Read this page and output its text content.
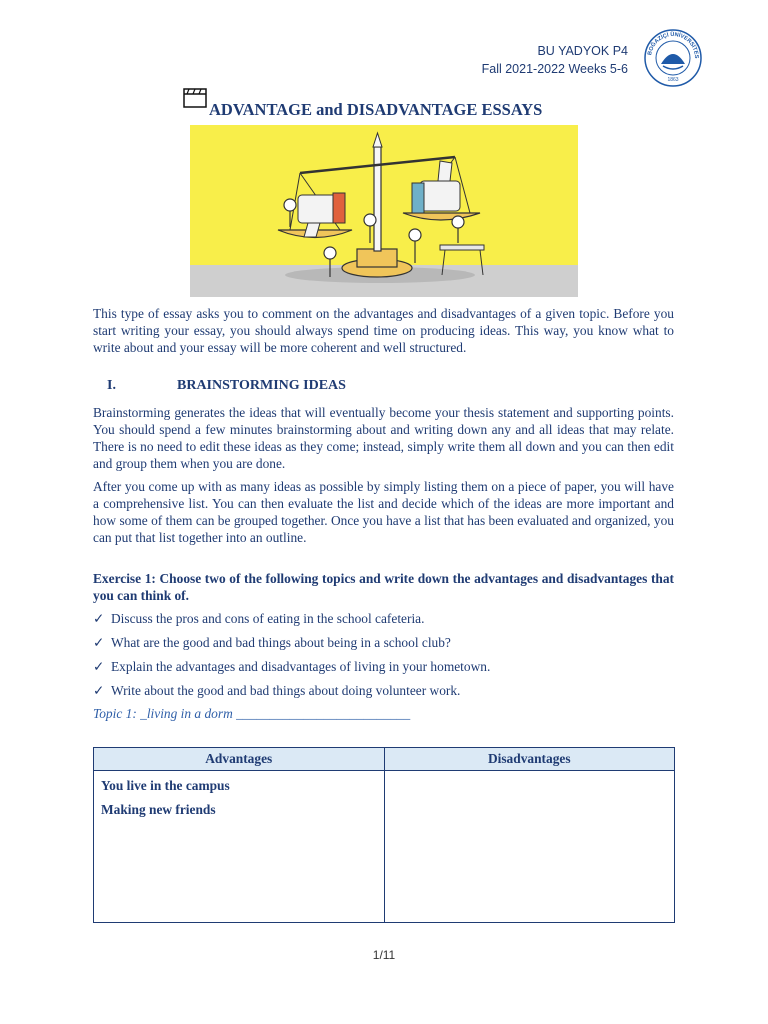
BU YADYOK P4
Fall 2021-2022 Weeks 5-6
BOĞAZİÇİ ÜNİVERSİTES
1863
ADVANTAGE and DISADVANTAGE ESSAYS

This type of essay asks you to comment on the advantages and disadvantages of a given topic. Before you start writing your essay, you should always spend time on producing ideas. This way, you know what to write about and your essay will be more coherent and well structured.

I.	BRAINSTORMING IDEAS

Brainstorming generates the ideas that will eventually become your thesis statement and supporting points. You should spend a few minutes brainstorming about and writing down any and all ideas that may relate. There is no need to edit these ideas as they come; instead, simply write them all down and you can then edit and group them when you are done.

After you come up with as many ideas as possible by simply listing them on a piece of paper, you will have a comprehensive list. You can then evaluate the list and decide which of the ideas are more important and how some of them can be grouped together. Once you have a list that has been evaluated and organized, you can put that list together into an outline.

Exercise 1: Choose two of the following topics and write down the advantages and disadvantages that you can think of.
✓ Discuss the pros and cons of eating in the school cafeteria.
✓ What are the good and bad things about being in a school club?
✓ Explain the advantages and disadvantages of living in your hometown.
✓ Write about the good and bad things about doing volunteer work.
Topic 1: _living in a dorm __________________________
Advantages	Disadvantages

You live in the campus
Making new friends	

1/11
